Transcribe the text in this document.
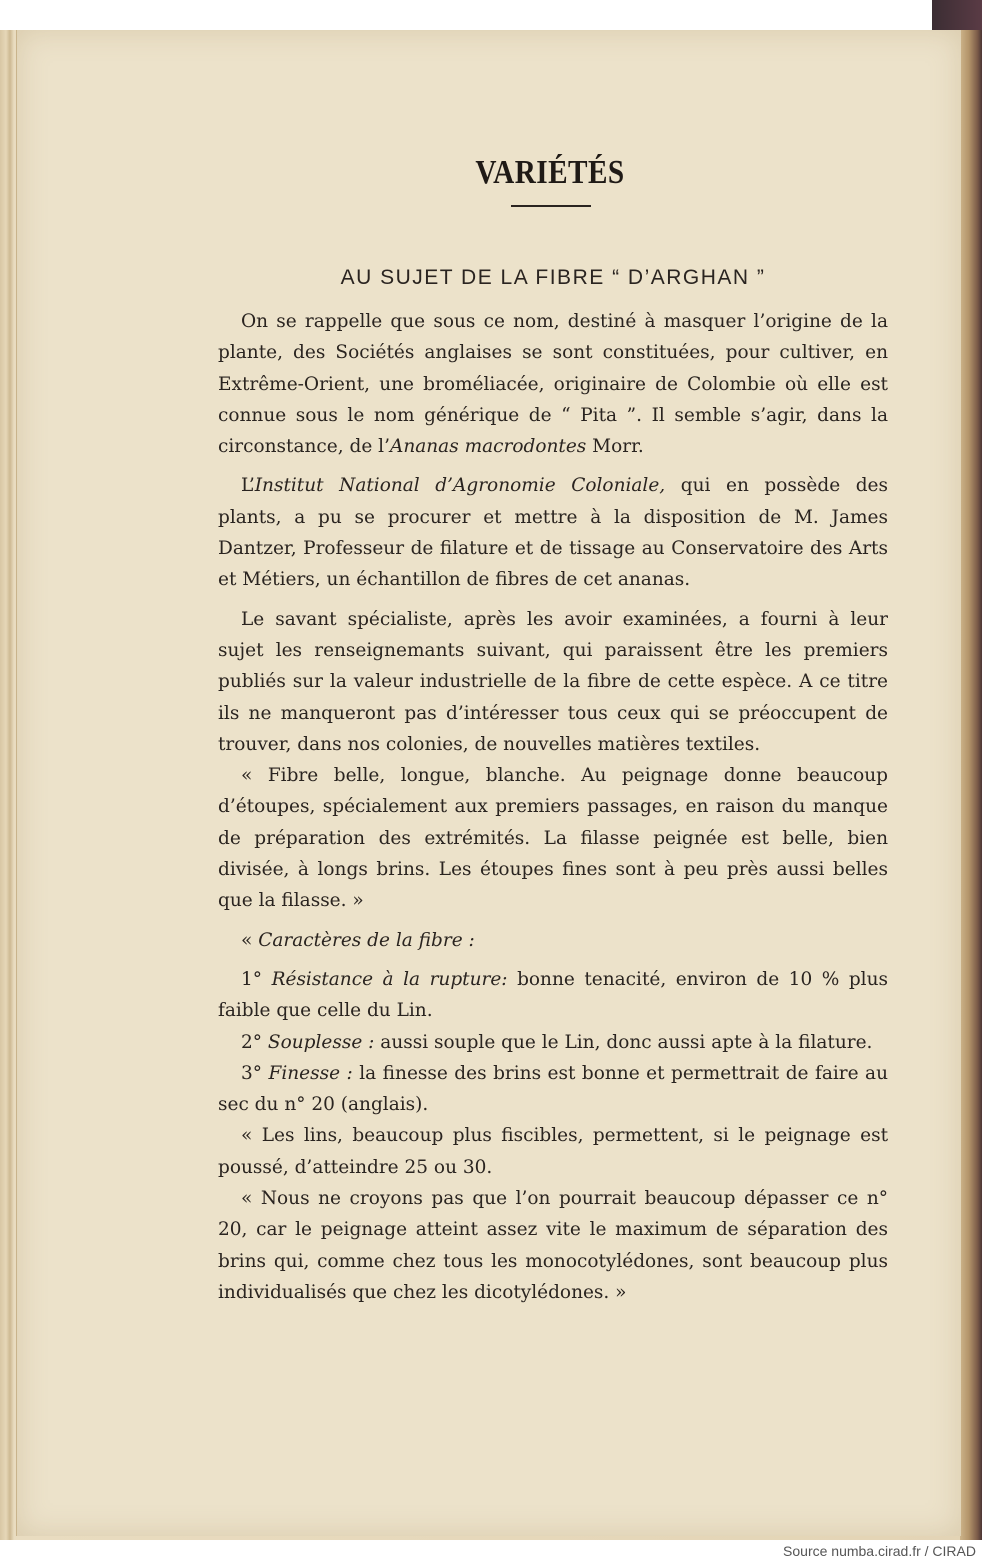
VARIÉTÉS
AU SUJET DE LA FIBRE “ D’ARGHAN ”

On se rappelle que sous ce nom, destiné à masquer l’origine de la plante, des Sociétés anglaises se sont constituées, pour cultiver, en Extrême-Orient, une broméliacée, originaire de Colombie où elle est connue sous le nom générique de “ Pita ”. Il semble s’agir, dans la circonstance, de l’Ananas macrodontes Morr.

L’Institut National d’Agronomie Coloniale, qui en possède des plants, a pu se procurer et mettre à la disposition de M. James Dantzer, Professeur de filature et de tissage au Conservatoire des Arts et Métiers, un échantillon de fibres de cet ananas.

Le savant spécialiste, après les avoir examinées, a fourni à leur sujet les renseignemants suivant, qui paraissent être les premiers publiés sur la valeur industrielle de la fibre de cette espèce. A ce titre ils ne manqueront pas d’intéresser tous ceux qui se préoccupent de trouver, dans nos colonies, de nouvelles matières textiles.

« Fibre belle, longue, blanche. Au peignage donne beaucoup d’étoupes, spécialement aux premiers passages, en raison du manque de préparation des extrémités. La filasse peignée est belle, bien divisée, à longs brins. Les étoupes fines sont à peu près aussi belles que la filasse. »

« Caractères de la fibre :

1° Résistance à la rupture: bonne tenacité, environ de 10 % plus faible que celle du Lin.

2° Souplesse : aussi souple que le Lin, donc aussi apte à la filature.

3° Finesse : la finesse des brins est bonne et permettrait de faire au sec du n° 20 (anglais).

« Les lins, beaucoup plus fiscibles, permettent, si le peignage est poussé, d’atteindre 25 ou 30.

« Nous ne croyons pas que l’on pourrait beaucoup dépasser ce n° 20, car le peignage atteint assez vite le maximum de séparation des brins qui, comme chez tous les monocotylédones, sont beaucoup plus individualisés que chez les dicotylédones. »

Source numba.cirad.fr / CIRAD
